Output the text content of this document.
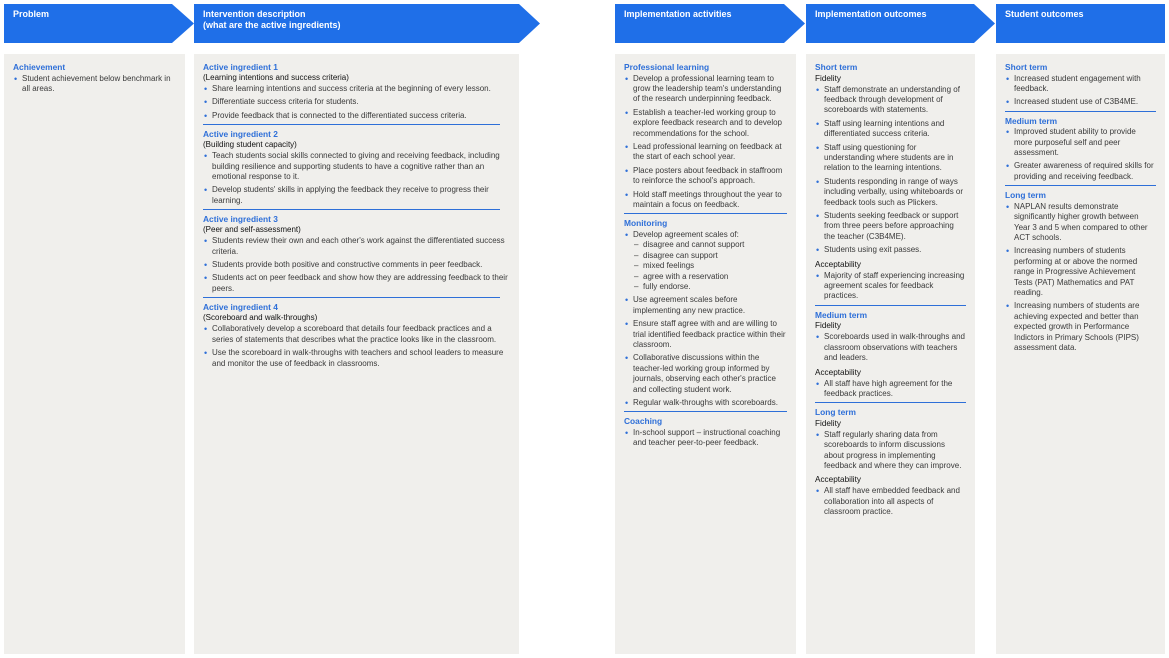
Problem	Intervention description
(what are the active ingredients)
Implementation activities	Implementation outcomes	Student outcomes
Achievement
• Student achievement below benchmark in all areas.
Active ingredient 1
(Learning intentions and success criteria)
• Share learning intentions and success criteria at the beginning of every lesson.
• Differentiate success criteria for students.
• Provide feedback that is connected to the differentiated success criteria.
Active ingredient 2
(Building student capacity)
• Teach students social skills connected to giving and receiving feedback, including building resilience and supporting students to have a cognitive rather than an emotional response to it.
• Develop students' skills in applying the feedback they receive to progress their learning.
Active ingredient 3
(Peer and self-assessment)
• Students review their own and each other's work against the differentiated success criteria.
• Students provide both positive and constructive comments in peer feedback.
• Students act on peer feedback and show how they are addressing feedback to their peers.
Active ingredient 4
(Scoreboard and walk-throughs)
• Collaboratively develop a scoreboard that details four feedback practices and a series of statements that describes what the practice looks like in the classroom.
• Use the scoreboard in walk-throughs with teachers and school leaders to measure and monitor the use of feedback in classrooms.
Professional learning
• Develop a professional learning team to grow the leadership team's understanding of the research underpinning feedback.
• Establish a teacher-led working group to explore feedback research and to develop recommendations for the school.
• Lead professional learning on feedback at the start of each school year.
• Place posters about feedback in staffroom to reinforce the school's approach.
• Hold staff meetings throughout the year to maintain a focus on feedback.
Monitoring
• Develop agreement scales of:
– disagree and cannot support
– disagree can support
– mixed feelings
– agree with a reservation
– fully endorse.
• Use agreement scales before implementing any new practice.
• Ensure staff agree with and are willing to trial identified feedback practice within their classroom.
• Collaborative discussions within the teacher-led working group informed by journals, observing each other's practice and collecting student work.
• Regular walk-throughs with scoreboards.
Coaching
• In-school support – instructional coaching and teacher peer-to-peer feedback.
Short term
Fidelity
• Staff demonstrate an understanding of feedback through development of scoreboards with statements.
• Staff using learning intentions and differentiated success criteria.
• Staff using questioning for understanding where students are in relation to the learning intentions.
• Students responding in range of ways including verbally, using whiteboards or feedback tools such as Plickers.
• Students seeking feedback or support from three peers before approaching the teacher (C3B4ME).
• Students using exit passes.
Acceptability
• Majority of staff experiencing increasing agreement scales for feedback practices.
Medium term
Fidelity
• Scoreboards used in walk-throughs and classroom observations with teachers and leaders.
Acceptability
• All staff have high agreement for the feedback practices.
Long term
Fidelity
• Staff regularly sharing data from scoreboards to inform discussions about progress in implementing feedback and where they can improve.
Acceptability
• All staff have embedded feedback and collaboration into all aspects of classroom practice.
Short term
• Increased student engagement with feedback.
• Increased student use of C3B4ME.
Medium term
• Improved student ability to provide more purposeful self and peer assessment.
• Greater awareness of required skills for providing and receiving feedback.
Long term
• NAPLAN results demonstrate significantly higher growth between Year 3 and 5 when compared to other ACT schools.
• Increasing numbers of students performing at or above the normed range in Progressive Achievement Tests (PAT) Mathematics and PAT reading.
• Increasing numbers of students are achieving expected and better than expected growth in Performance Indictors in Primary Schools (PIPS) assessment data.
